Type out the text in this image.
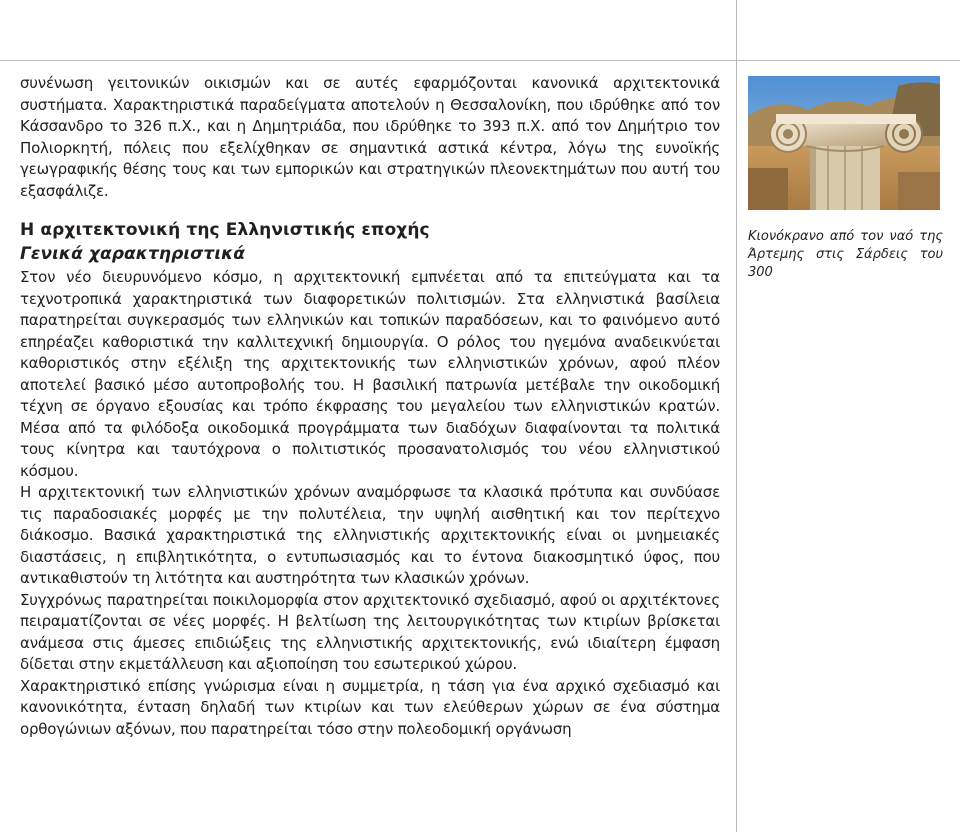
συνένωση γειτονικών οικισμών και σε αυτές εφαρμόζονται κανονικά αρχιτεκτονικά συστήματα. Χαρακτηριστικά παραδείγματα αποτελούν η Θεσσαλονίκη, που ιδρύθηκε από τον Κάσσανδρο το 326 π.Χ., και η Δημητριάδα, που ιδρύθηκε το 393 π.Χ. από τον Δημήτριο τον Πολιορκητή, πόλεις που εξελίχθηκαν σε σημαντικά αστικά κέντρα, λόγω της ευνοϊκής γεωγραφικής θέσης τους και των εμπορικών και στρατηγικών πλεονεκτημάτων που αυτή του εξασφάλιζε.

Η αρχιτεκτονική της Ελληνιστικής εποχής
Γενικά χαρακτηριστικά

Στον νέο διευρυνόμενο κόσμο, η αρχιτεκτονική εμπνέεται από τα επιτεύγματα και τα τεχνοτροπικά χαρακτηριστικά των διαφορετικών πολιτισμών. Στα ελληνιστικά βασίλεια παρατηρείται συγκερασμός των ελληνικών και τοπικών παραδόσεων, και το φαινόμενο αυτό επηρέαζει καθοριστικά την καλλιτεχνική δημιουργία. Ο ρόλος του ηγεμόνα αναδεικνύεται καθοριστικός στην εξέλιξη της αρχιτεκτονικής των ελληνιστικών χρόνων, αφού πλέον αποτελεί βασικό μέσο αυτοπροβολής του. Η βασιλική πατρωνία μετέβαλε την οικοδομική τέχνη σε όργανο εξουσίας και τρόπο έκφρασης του μεγαλείου των ελληνιστικών κρατών. Μέσα από τα φιλόδοξα οικοδομικά προγράμματα των διαδόχων διαφαίνονται τα πολιτικά τους κίνητρα και ταυτόχρονα ο πολιτιστικός προσανατολισμός του νέου ελληνιστικού κόσμου.

Η αρχιτεκτονική των ελληνιστικών χρόνων αναμόρφωσε τα κλασικά πρότυπα και συνδύασε τις παραδοσιακές μορφές με την πολυτέλεια, την υψηλή αισθητική και τον περίτεχνο διάκοσμο. Βασικά χαρακτηριστικά της ελληνιστικής αρχιτεκτονικής είναι οι μνημειακές διαστάσεις, η επιβλητικότητα, ο εντυπωσιασμός και το έντονα διακοσμητικό ύφος, που αντικαθιστούν τη λιτότητα και αυστηρότητα των κλασικών χρόνων.

Συγχρόνως παρατηρείται ποικιλομορφία στον αρχιτεκτονικό σχεδιασμό, αφού οι αρχιτέκτονες πειραματίζονται σε νέες μορφές. Η βελτίωση της λειτουργικότητας των κτιρίων βρίσκεται ανάμεσα στις άμεσες επιδιώξεις της ελληνιστικής αρχιτεκτονικής, ενώ ιδιαίτερη έμφαση δίδεται στην εκμετάλλευση και αξιοποίηση του εσωτερικού χώρου.

Χαρακτηριστικό επίσης γνώρισμα είναι η συμμετρία, η τάση για ένα αρχικό σχεδιασμό και κανονικότητα, ένταση δηλαδή των κτιρίων και των ελεύθερων χώρων σε ένα σύστημα ορθογώνιων αξόνων, που παρατηρείται τόσο στην πολεοδομική οργάνωση

Κιονόκρανο από τον ναό της Άρτεμης στις Σάρδεις του 300
